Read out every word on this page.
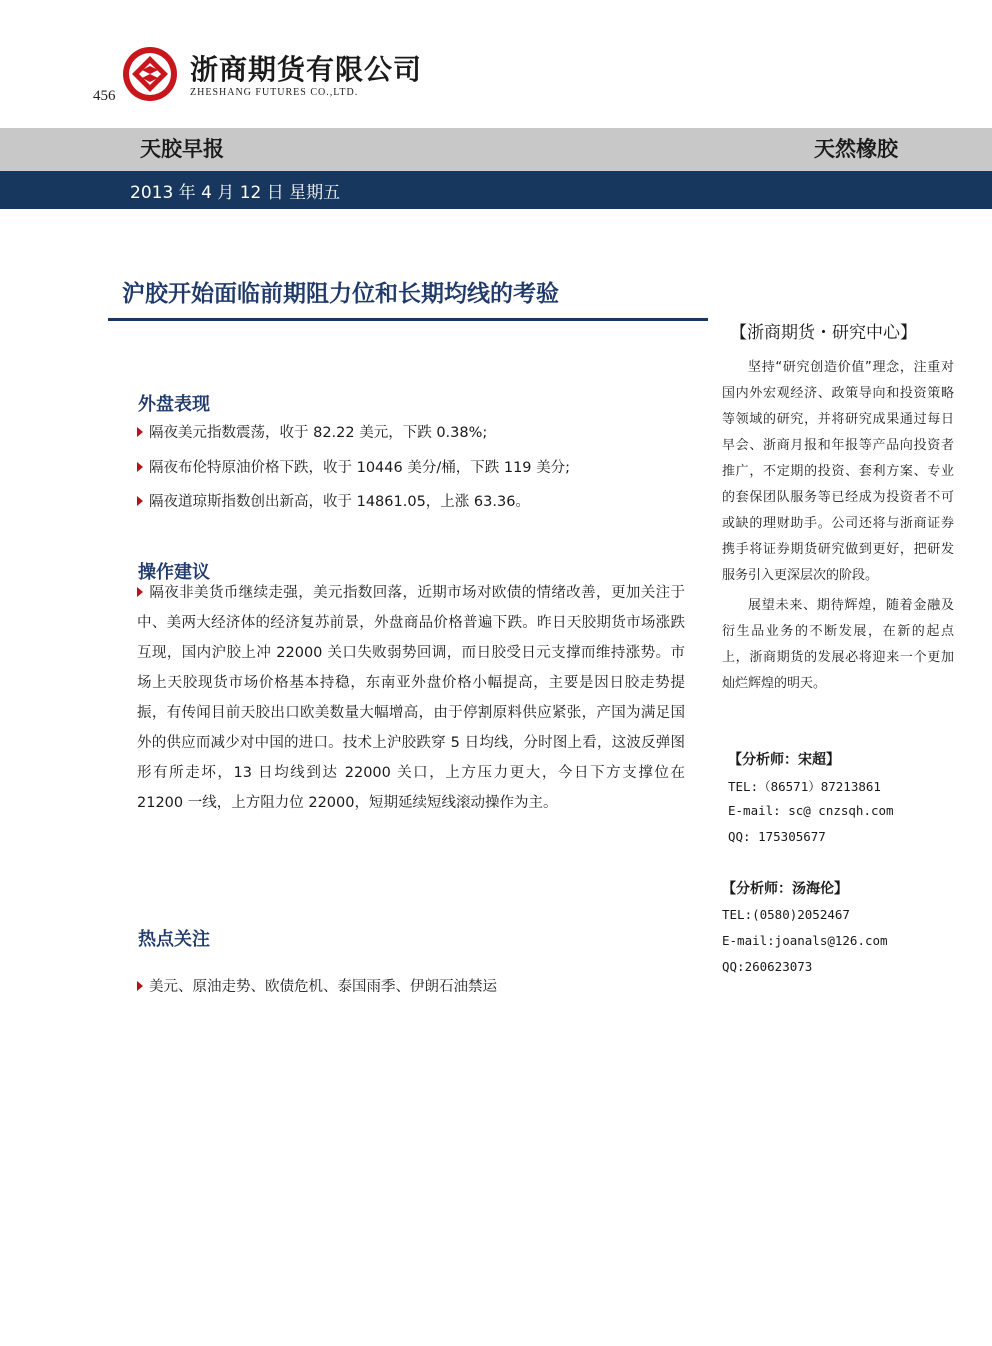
456
浙商期货有限公司
ZHESHANG FUTURES CO.,LTD.
天胶早报	天然橡胶
2013 年 4 月 12 日 星期五
沪胶开始面临前期阻力位和长期均线的考验
外盘表现
隔夜美元指数震荡，收于 82.22 美元，下跌 0.38%;
隔夜布伦特原油价格下跌，收于 10446 美分/桶，下跌 119 美分;
隔夜道琼斯指数创出新高，收于 14861.05，上涨 63.36。
操作建议
隔夜非美货币继续走强，美元指数回落，近期市场对欧债的情绪改善，更加关注于中、美两大经济体的经济复苏前景，外盘商品价格普遍下跌。昨日天胶期货市场涨跌互现，国内沪胶上冲 22000 关口失败弱势回调，而日胶受日元支撑而维持涨势。市场上天胶现货市场价格基本持稳，东南亚外盘价格小幅提高，主要是因日胶走势提振，有传闻目前天胶出口欧美数量大幅增高，由于停割原料供应紧张，产国为满足国外的供应而减少对中国的进口。技术上沪胶跌穿 5 日均线，分时图上看，这波反弹图形有所走坏，13 日均线到达 22000 关口，上方压力更大，今日下方支撑位在 21200 一线，上方阻力位 22000，短期延续短线滚动操作为主。
热点关注
美元、原油走势、欧债危机、泰国雨季、伊朗石油禁运
【浙商期货・研究中心】

坚持“研究创造价值”理念，注重对国内外宏观经济、政策导向和投资策略等领域的研究，并将研究成果通过每日早会、浙商月报和年报等产品向投资者推广，不定期的投资、套利方案、专业的套保团队服务等已经成为投资者不可或缺的理财助手。公司还将与浙商证券携手将证券期货研究做到更好，把研发服务引入更深层次的阶段。

展望未来、期待辉煌，随着金融及衍生品业务的不断发展，在新的起点上，浙商期货的发展必将迎来一个更加灿烂辉煌的明天。

【分析师：宋超】
TEL:（86571）87213861
E-mail: sc@ cnzsqh.com
QQ: 175305677
【分析师：汤海伦】
TEL:(0580)2052467
E-mail:joanals@126.com
QQ:260623073
